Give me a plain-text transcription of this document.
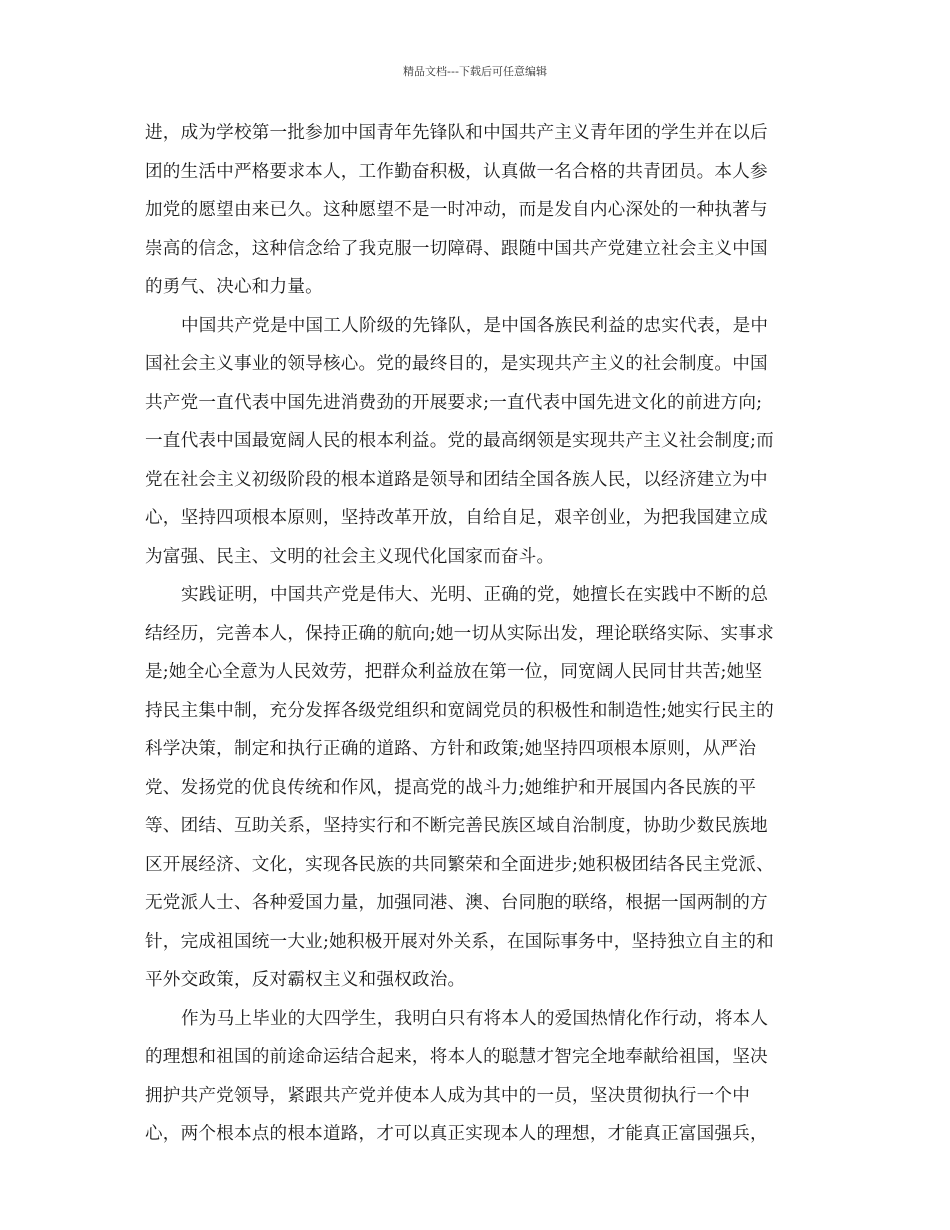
精品文档---下载后可任意编辑
进，成为学校第一批参加中国青年先锋队和中国共产主义青年团的学生并在以后
团的生活中严格要求本人，工作勤奋积极，认真做一名合格的共青团员。本人参
加党的愿望由来已久。这种愿望不是一时冲动，而是发自内心深处的一种执著与
崇高的信念，这种信念给了我克服一切障碍、跟随中国共产党建立社会主义中国
的勇气、决心和力量。
中国共产党是中国工人阶级的先锋队，是中国各族民利益的忠实代表，是中
国社会主义事业的领导核心。党的最终目的，是实现共产主义的社会制度。中国
共产党一直代表中国先进消费劲的开展要求;一直代表中国先进文化的前进方向;
一直代表中国最宽阔人民的根本利益。党的最高纲领是实现共产主义社会制度;而
党在社会主义初级阶段的根本道路是领导和团结全国各族人民，以经济建立为中
心，坚持四项根本原则，坚持改革开放，自给自足，艰辛创业，为把我国建立成
为富强、民主、文明的社会主义现代化国家而奋斗。
实践证明，中国共产党是伟大、光明、正确的党，她擅长在实践中不断的总
结经历，完善本人，保持正确的航向;她一切从实际出发，理论联络实际、实事求
是;她全心全意为人民效劳，把群众利益放在第一位，同宽阔人民同甘共苦;她坚
持民主集中制，充分发挥各级党组织和宽阔党员的积极性和制造性;她实行民主的
科学决策，制定和执行正确的道路、方针和政策;她坚持四项根本原则，从严治
党、发扬党的优良传统和作风，提高党的战斗力;她维护和开展国内各民族的平
等、团结、互助关系，坚持实行和不断完善民族区域自治制度，协助少数民族地
区开展经济、文化，实现各民族的共同繁荣和全面进步;她积极团结各民主党派、
无党派人士、各种爱国力量，加强同港、澳、台同胞的联络，根据一国两制的方
针，完成祖国统一大业;她积极开展对外关系，在国际事务中，坚持独立自主的和
平外交政策，反对霸权主义和强权政治。
作为马上毕业的大四学生，我明白只有将本人的爱国热情化作行动，将本人
的理想和祖国的前途命运结合起来，将本人的聪慧才智完全地奉献给祖国，坚决
拥护共产党领导，紧跟共产党并使本人成为其中的一员，坚决贯彻执行一个中
心，两个根本点的根本道路，才可以真正实现本人的理想，才能真正富国强兵，
